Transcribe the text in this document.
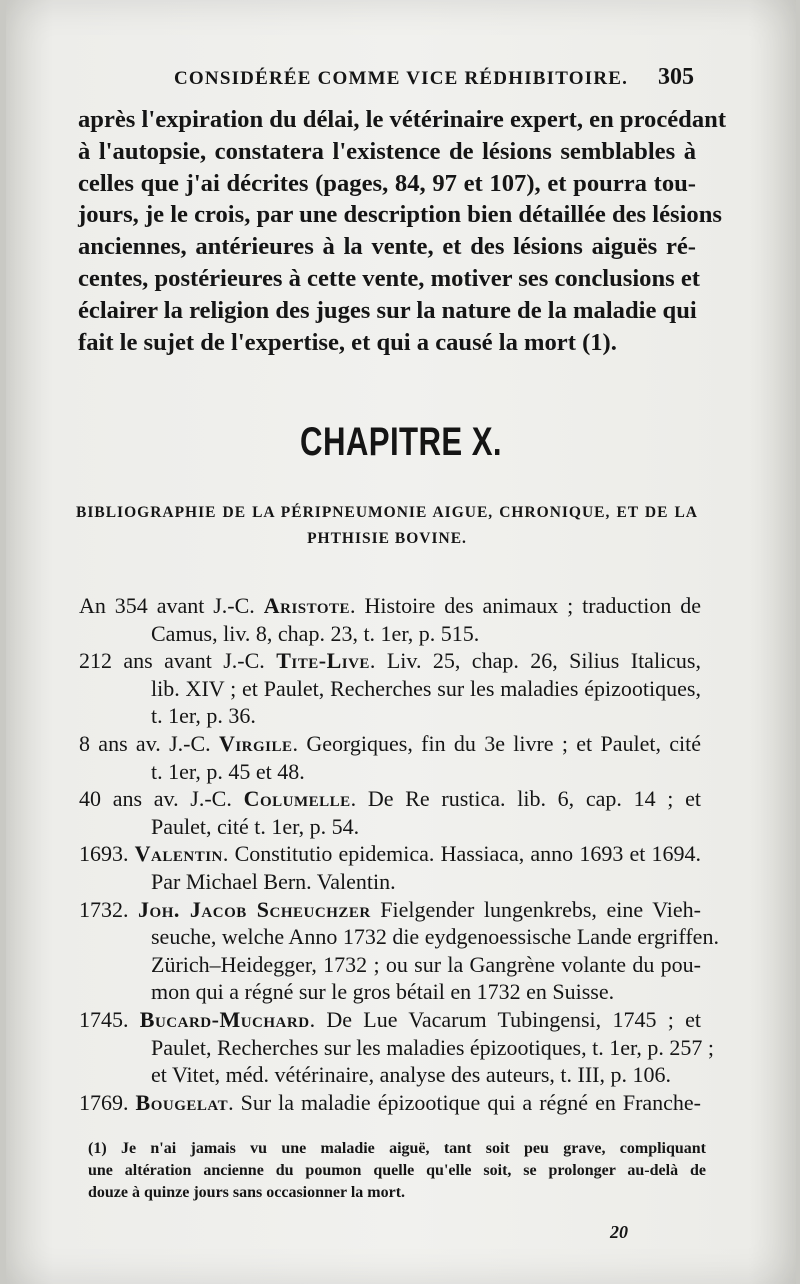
CONSIDÉRÉE COMME VICE RÉDHIBITOIRE. 305
après l'expiration du délai, le vétérinaire expert, en procédant
à l'autopsie, constatera l'existence de lésions semblables à
celles que j'ai décrites (pages, 84, 97 et 107), et pourra tou-
jours, je le crois, par une description bien détaillée des lésions
anciennes, antérieures à la vente, et des lésions aiguës ré-
centes, postérieures à cette vente, motiver ses conclusions et
éclairer la religion des juges sur la nature de la maladie qui
fait le sujet de l'expertise, et qui a causé la mort (1).
CHAPITRE X.
BIBLIOGRAPHIE DE LA PÉRIPNEUMONIE AIGUE, CHRONIQUE, ET DE LA
PHTHISIE BOVINE.
An 354 avant J.-C. Aristote. Histoire des animaux ; traduction de
Camus, liv. 8, chap. 23, t. 1er, p. 515.
212 ans avant J.-C. Tite-Live. Liv. 25, chap. 26, Silius Italicus,
lib. XIV ; et Paulet, Recherches sur les maladies épizootiques,
t. 1er, p. 36.
8 ans av. J.-C. Virgile. Georgiques, fin du 3e livre ; et Paulet, cité
t. 1er, p. 45 et 48.
40 ans av. J.-C. Columelle. De Re rustica. lib. 6, cap. 14 ; et
Paulet, cité t. 1er, p. 54.
1693. Valentin. Constitutio epidemica. Hassiaca, anno 1693 et 1694.
Par Michael Bern. Valentin.
1732. Joh. Jacob Scheuchzer Fielgender lungenkrebs, eine Vieh-
seuche, welche Anno 1732 die eydgenoessische Lande ergriffen.
Zürich–Heidegger, 1732 ; ou sur la Gangrène volante du pou-
mon qui a régné sur le gros bétail en 1732 en Suisse.
1745. Bucard-Muchard. De Lue Vacarum Tubingensi, 1745 ; et
Paulet, Recherches sur les maladies épizootiques, t. 1er, p. 257 ;
et Vitet, méd. vétérinaire, analyse des auteurs, t. III, p. 106.
1769. Bougelat. Sur la maladie épizootique qui a régné en Franche-
(1) Je n'ai jamais vu une maladie aiguë, tant soit peu grave, compliquant
une altération ancienne du poumon quelle qu'elle soit, se prolonger au-delà de
douze à quinze jours sans occasionner la mort.
20
